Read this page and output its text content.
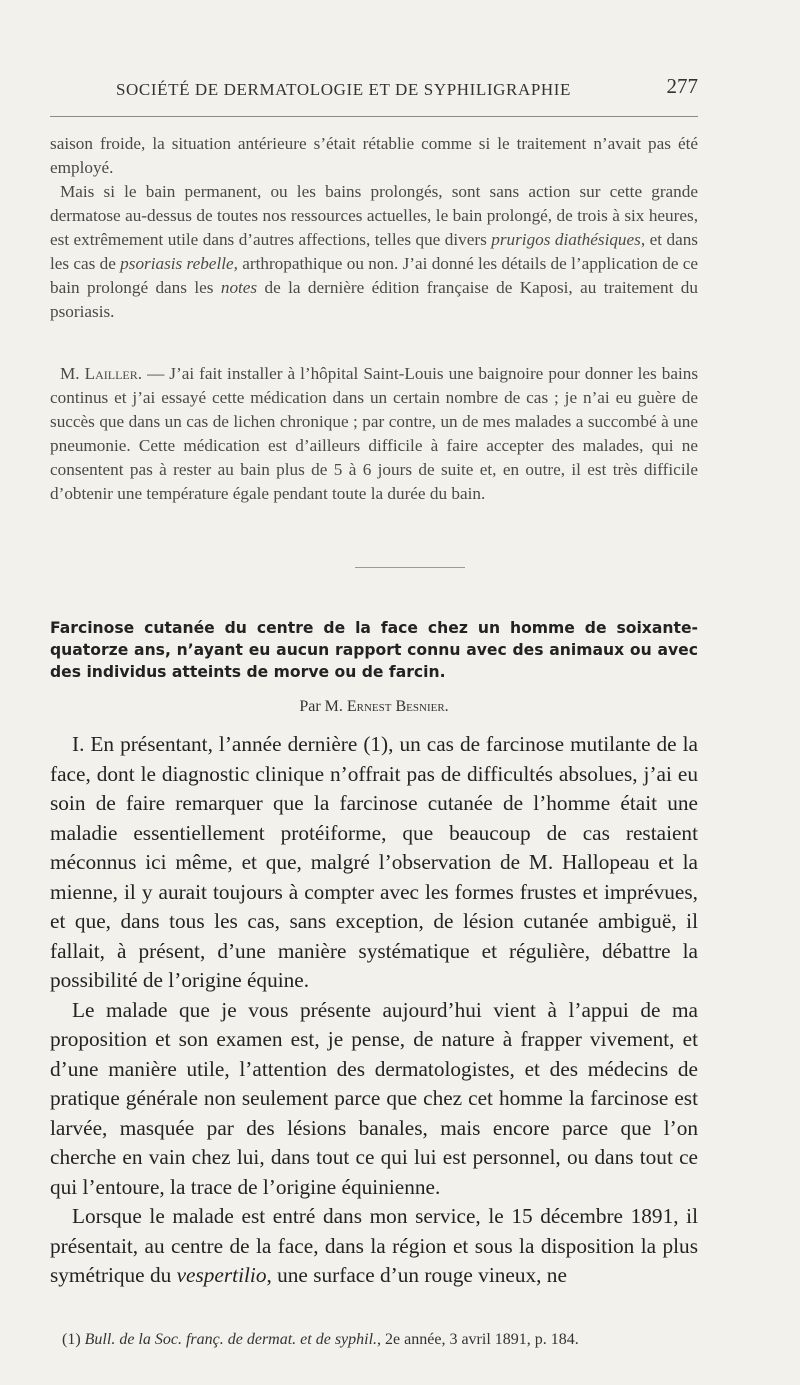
SOCIÉTÉ DE DERMATOLOGIE ET DE SYPHILIGRAPHIE	277

saison froide, la situation antérieure s’était rétablie comme si le traitement n’avait pas été employé.

Mais si le bain permanent, ou les bains prolongés, sont sans action sur cette grande dermatose au-dessus de toutes nos ressources actuelles, le bain prolongé, de trois à six heures, est extrêmement utile dans d’autres affections, telles que divers prurigos diathésiques, et dans les cas de psoriasis rebelle, arthropathique ou non. J’ai donné les détails de l’application de ce bain prolongé dans les notes de la dernière édition française de Kaposi, au traitement du psoriasis.

M. Lailler. — J’ai fait installer à l’hôpital Saint-Louis une baignoire pour donner les bains continus et j’ai essayé cette médication dans un certain nombre de cas ; je n’ai eu guère de succès que dans un cas de lichen chronique ; par contre, un de mes malades a succombé à une pneumonie. Cette médication est d’ailleurs difficile à faire accepter des malades, qui ne consentent pas à rester au bain plus de 5 à 6 jours de suite et, en outre, il est très difficile d’obtenir une température égale pendant toute la durée du bain.

Farcinose cutanée du centre de la face chez un homme de soixante-quatorze ans, n’ayant eu aucun rapport connu avec des animaux ou avec des individus atteints de morve ou de farcin.

Par M. Ernest Besnier.

I. En présentant, l’année dernière (1), un cas de farcinose mutilante de la face, dont le diagnostic clinique n’offrait pas de difficultés absolues, j’ai eu soin de faire remarquer que la farcinose cutanée de l’homme était une maladie essentiellement protéiforme, que beaucoup de cas restaient méconnus ici même, et que, malgré l’observation de M. Hallopeau et la mienne, il y aurait toujours à compter avec les formes frustes et imprévues, et que, dans tous les cas, sans exception, de lésion cutanée ambiguë, il fallait, à présent, d’une manière systématique et régulière, débattre la possibilité de l’origine équine.

Le malade que je vous présente aujourd’hui vient à l’appui de ma proposition et son examen est, je pense, de nature à frapper vivement, et d’une manière utile, l’attention des dermatologistes, et des médecins de pratique générale non seulement parce que chez cet homme la farcinose est larvée, masquée par des lésions banales, mais encore parce que l’on cherche en vain chez lui, dans tout ce qui lui est personnel, ou dans tout ce qui l’entoure, la trace de l’origine équinienne.

Lorsque le malade est entré dans mon service, le 15 décembre 1891, il présentait, au centre de la face, dans la région et sous la disposition la plus symétrique du vespertilio, une surface d’un rouge vineux, ne

(1) Bull. de la Soc. franç. de dermat. et de syphil., 2e année, 3 avril 1891, p. 184.
